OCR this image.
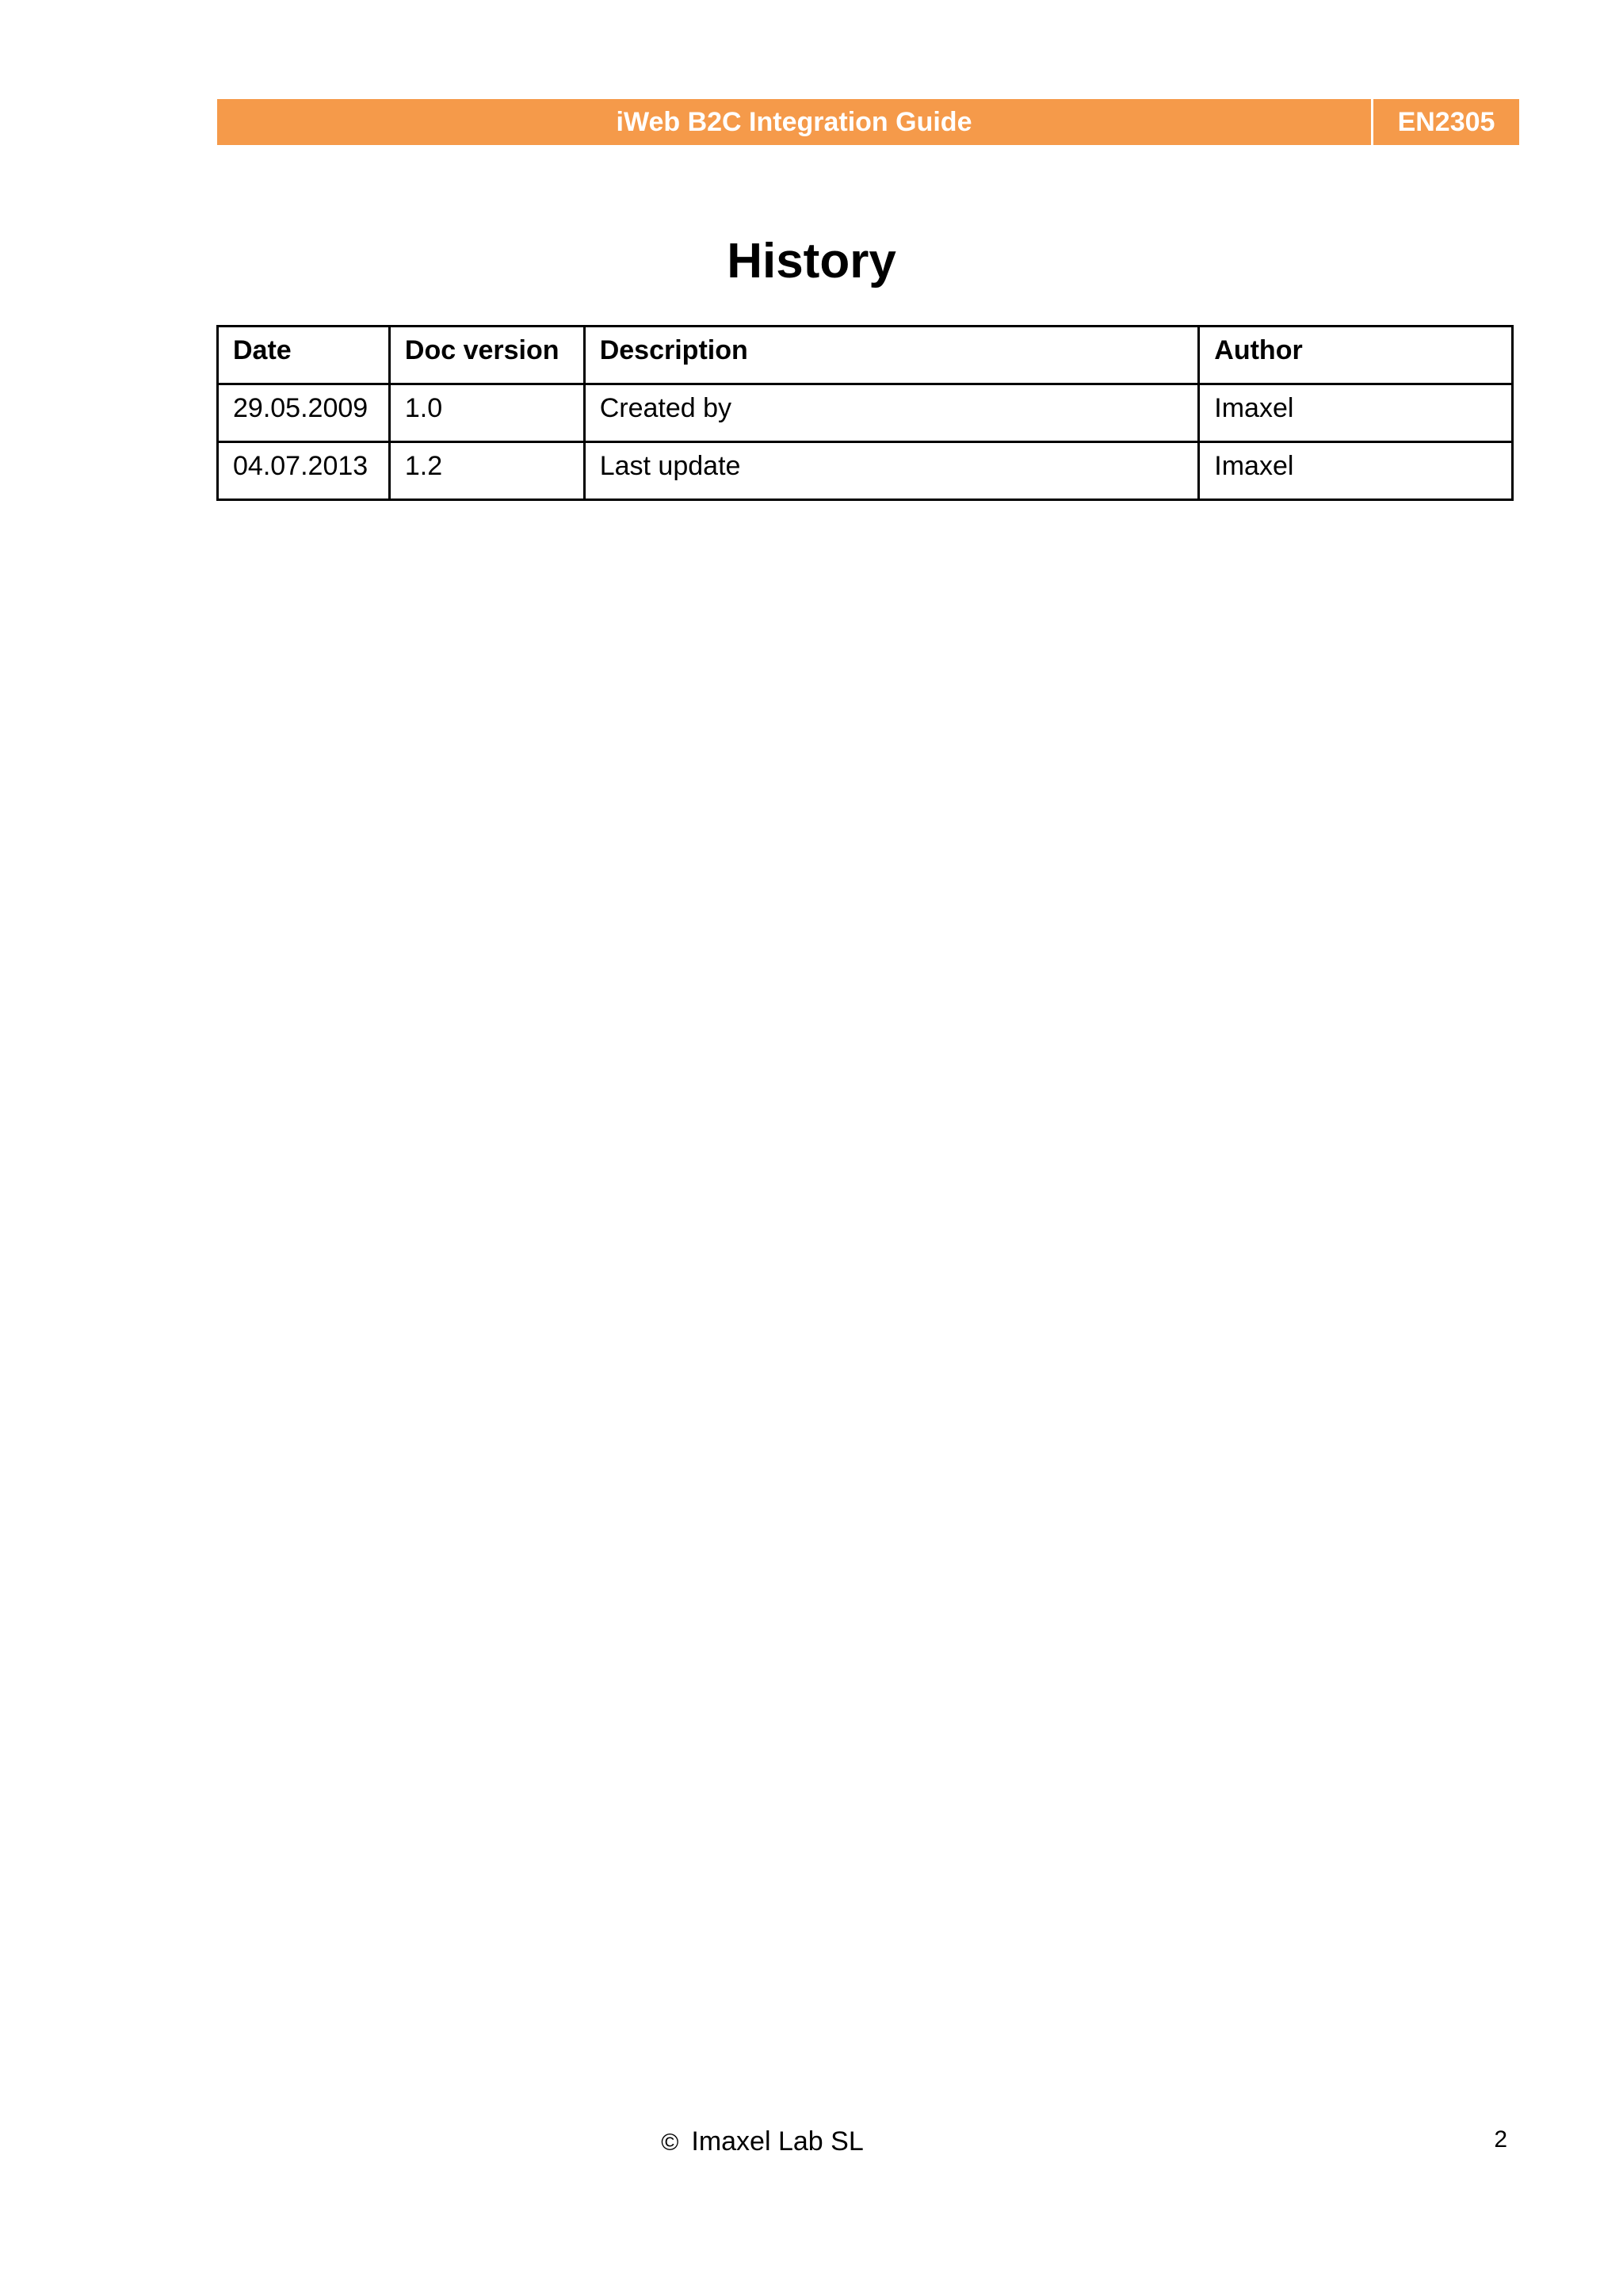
iWeb B2C Integration Guide	EN2305
History
Date	Doc version	Description	Author
29.05.2009	1.0	Created by	Imaxel
04.07.2013	1.2	Last update	Imaxel
© Imaxel Lab SL	2
